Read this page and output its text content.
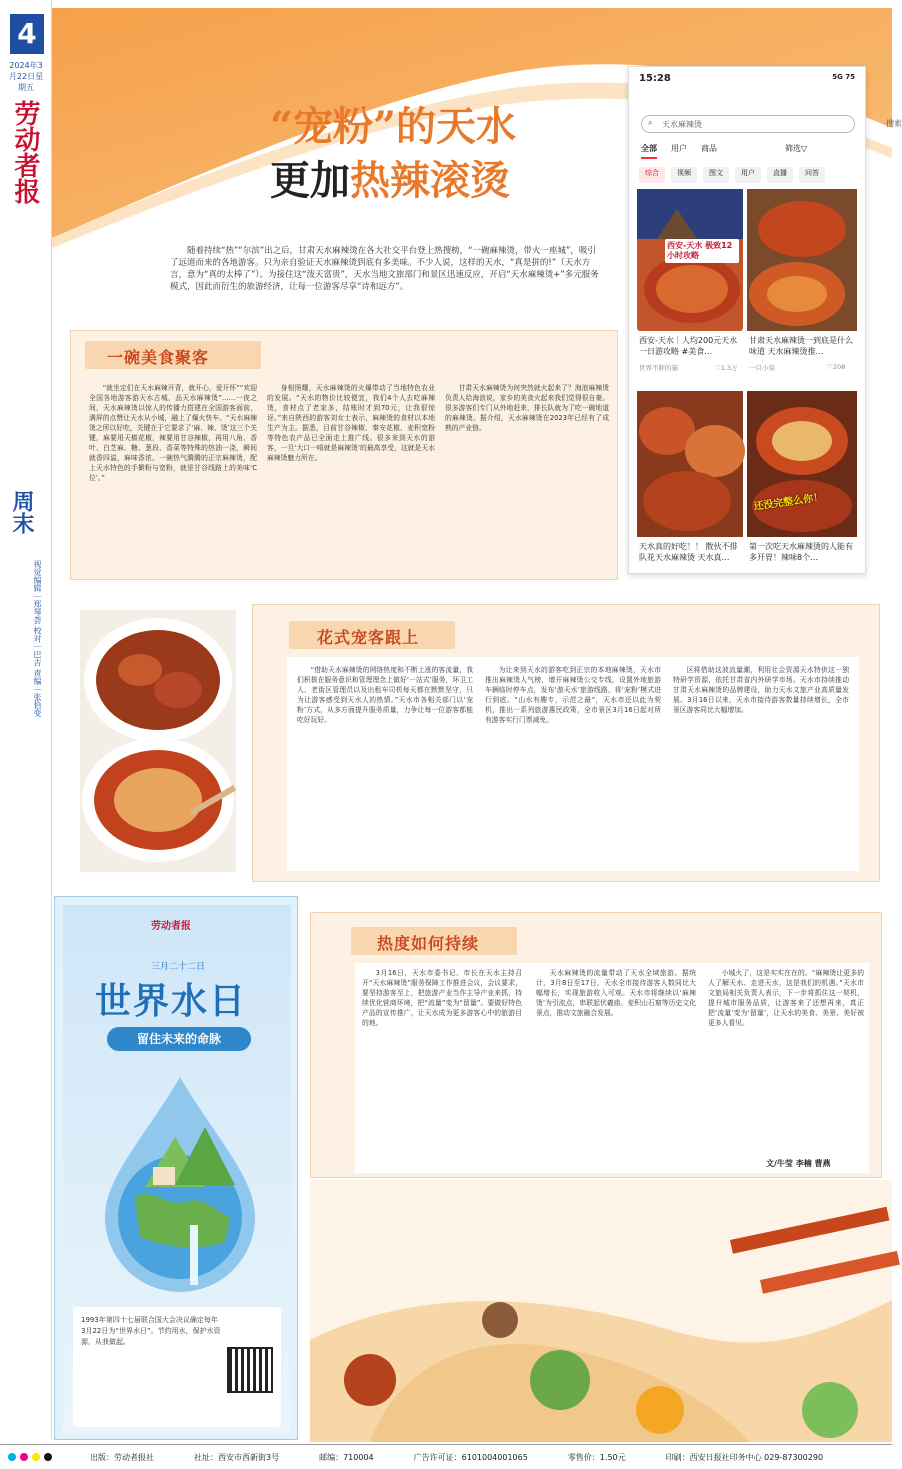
4
2024年3月22日星期五
劳动者报
周末
视觉编辑｜郑琴荟 校对｜巴吉 责编｜张恰变
“宠粉”的天水
更加热辣滚烫
随着持续“热”“尔滨”出之后，甘肃天水麻辣烫在各大社交平台登上热搜榜，“一碗麻辣烫，带火一座城”，吸引了远道而来的各地游客。只为亲自验证天水麻辣烫到底有多美味。不少人说，这样的天水，“真是拼的!”（天水方言，意为“真的太棒了”）。为接住这“泼天富贵”，天水当地文旅部门和景区迅速反应，开启“天水麻辣烫+”多元服务模式，因此而衍生的旅游经济，让每一位游客尽享“诗和远方”。
15:28	5G 75
⌕ 天水麻辣烫	搜索
全部 用户 商品	筛选▽
综合	视频	图文	用户	直播	问答
西安-天水 极致12小时攻略
西安-天水｜人均200元天水一日游攻略 #美食…
世界不胖的猫	♡1.3万
甘肃天水麻辣烫一到底是什么味道 天水麻辣烫推…
一只小柒	♡208
天水真的好吃！！ 散伙不排队花天水麻辣烫 天水真…
还没完整么你！
第一次吃天水麻辣烫的人能有多开胃！辣味8个…
一碗美食聚客
“就坐定们在天水麻辣开背，就开心，爱开怀”“欢迎全国各地游客游天水古城，品天水麻辣烫”……一夜之间，天水麻辣烫以惊人的传播力搭建在全国游客面前，满屏的点赞让天水从小城，融上了爆火快车。“天水麻辣烫之所以好吃，关键在于它要求了‘麻、辣、烫’这三个关键，麻要用天椒花椒，辣要用甘谷辣椒，再用八角、香叶、白芝麻、糖、葱段、香菜等特殊的热油一浇，瞬间就香四溢，麻味香浓。一碗热气腾腾的正宗麻辣烫，配上天水特色的手擀粉与宽粉，就是甘谷线路上的美味‘C位’。”
身相照耀，天水麻辣烫的火爆带动了当地特色农业的发展。“天水的物价比较便宜，我们4个人去吃麻辣烫，食材点了老家多，结账时才到70元，让我很惊讶。”来自陕西的游客刘女士表示，麻辣烫的食材以本地生产为主。据悉，目前甘谷辣椒、秦安花椒、麦积宽粉等特色农产品已全面走上推广线。很多来到天水的游客，一旦‘大口一啃就是麻辣烫’的最高享受，这就是天水麻辣烫魅力所在。
甘肃天水麻辣烫为何突然就火起来了？海浪麻辣烫负责人给海浪说，家乡的美食火起来我们觉得很自豪。很多游客们专门从外地赶来，排长队就为了吃一碗地道的麻辣烫。据介绍，天水麻辣烫在2023年已经有了成熟的产业链。
花式宠客跟上
“借助天水麻辣烫的网络热度和不断上涨的客流量，我们积极在服务意识和管理理念上做好‘一站式’服务，环卫工人、老街区管理员以及出租车司机每天都在默默坚守，只为让游客感受到天水人的热情。”天水市各相关部门以‘宠粉’方式，从多方面提升服务质量，力争让每一位游客都能吃好玩好。
为让来到天水的游客吃到正宗的本地麻辣烫，天水市推出麻辣烫人气榜，增开麻辣烫公交专线，设置外地旅游车辆临时停车点，发布‘游天水’旅游线路，将‘宠粉’模式进行到底。“山水有趣专，示范之最”，天水市还以此为契机，推出一系列旅游惠民政策，全市景区3月16日起对所有游客实行门票减免。
区将借助这波流量潮，利用社会资源天水特供这一独特研学资源，依托甘肃省内外研学市场。天水市持续推动甘肃天水麻辣烫的品牌建设，助力天水文旅产业高质量发展。3月16日以来，天水市接待游客数量持续增长，全市景区游客同比大幅增加。
劳动者报
三月二十二日
世界水日
留住未来的命脉
1993年第四十七届联合国大会决议确定每年3月22日为“世界水日”。节约用水，保护水资源，从我做起。
热度如何持续
3月16日，天水市委书记、市长在天水主持召开“天水麻辣烫”服务保障工作推进会议，会议要求，要坚持游客至上，把旅游产业当作主导产业来抓，持续优化营商环境，把“流量”变为“留量”。要做好特色产品的宣传推广，让天水成为更多游客心中的旅游目的地。
天水麻辣烫的流量带动了天水全域旅游。据统计，3月8日至17日，天水全市接待游客人数同比大幅增长，实现旅游收入可观。天水市将继续以‘麻辣烫’为引流点，串联起伏羲庙、麦积山石窟等历史文化景点，推动文旅融合发展。
小城火了，这是实实在在的。“麻辣烫让更多的人了解天水、走进天水，这是我们的机遇。”天水市文旅局相关负责人表示，下一步将抓住这一契机，提升城市服务品质，让游客来了还想再来，真正把‘流量’变为‘留量’，让天水的美食、美景、美好被更多人看见。
文/牛莹 李楠 曹燕
出版：劳动者报社	社址：西安市西新街3号	邮编：710004	广告许可证：6101004001065	零售价：1.50元	印刷：西安日报社印务中心 029-87300290
